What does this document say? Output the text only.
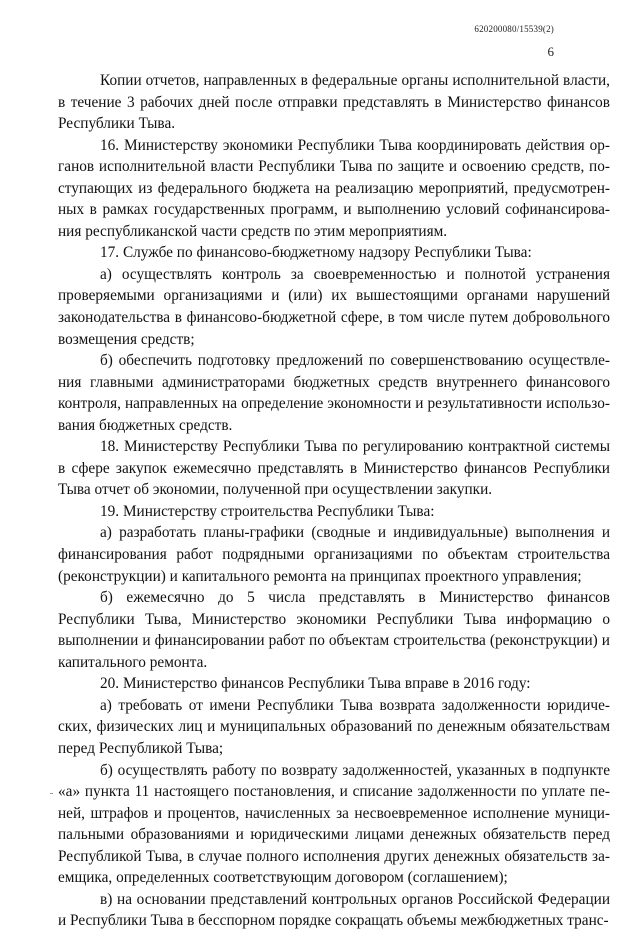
620200080/15539(2)
6

Копии отчетов, направленных в федеральные органы исполнительной власти, в течение 3 рабочих дней после отправки представлять в Министерство финансов Республики Тыва.

16. Министерству экономики Республики Тыва координировать действия органов исполнительной власти Республики Тыва по защите и освоению средств, поступающих из федерального бюджета на реализацию мероприятий, предусмотренных в рамках государственных программ, и выполнению условий софинансирования республиканской части средств по этим мероприятиям.

17. Службе по финансово-бюджетному надзору Республики Тыва:

а) осуществлять контроль за своевременностью и полнотой устранения проверяемыми организациями и (или) их вышестоящими органами нарушений законодательства в финансово-бюджетной сфере, в том числе путем добровольного возмещения средств;

б) обеспечить подготовку предложений по совершенствованию осуществления главными администраторами бюджетных средств внутреннего финансового контроля, направленных на определение экономности и результативности использования бюджетных средств.

18. Министерству Республики Тыва по регулированию контрактной системы в сфере закупок ежемесячно представлять в Министерство финансов Республики Тыва отчет об экономии, полученной при осуществлении закупки.

19. Министерству строительства Республики Тыва:

а) разработать планы-графики (сводные и индивидуальные) выполнения и финансирования работ подрядными организациями по объектам строительства (реконструкции) и капитального ремонта на принципах проектного управления;

б) ежемесячно до 5 числа представлять в Министерство финансов Республики Тыва, Министерство экономики Республики Тыва информацию о выполнении и финансировании работ по объектам строительства (реконструкции) и капитального ремонта.

20. Министерство финансов Республики Тыва вправе в 2016 году:

а) требовать от имени Республики Тыва возврата задолженности юридических, физических лиц и муниципальных образований по денежным обязательствам перед Республикой Тыва;

б) осуществлять работу по возврату задолженностей, указанных в подпункте «а» пункта 11 настоящего постановления, и списание задолженности по уплате пеней, штрафов и процентов, начисленных за несвоевременное исполнение муниципальными образованиями и юридическими лицами денежных обязательств перед Республикой Тыва, в случае полного исполнения других денежных обязательств заемщика, определенных соответствующим договором (соглашением);

в) на основании представлений контрольных органов Российской Федерации и Республики Тыва в бесспорном порядке сокращать объемы межбюджетных транс-
